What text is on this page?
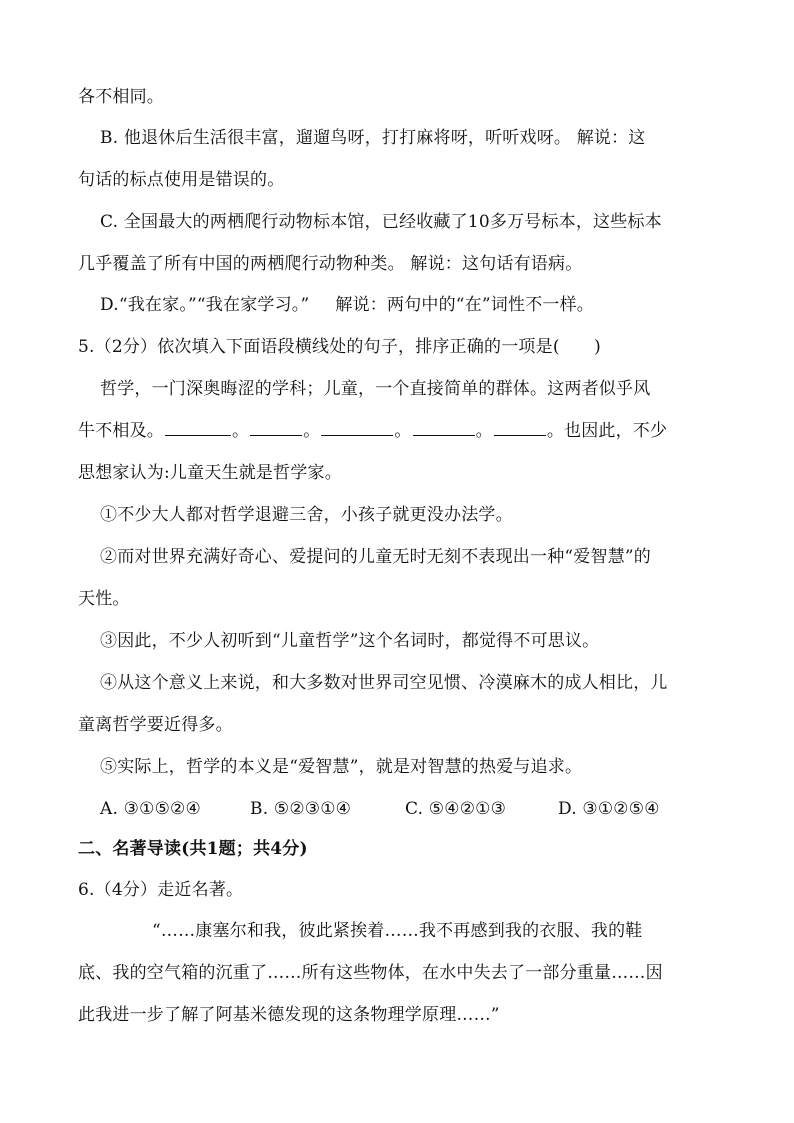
各不相同。
B. 他退休后生活很丰富，遛遛鸟呀，打打麻将呀，听听戏呀。 解说：这
句话的标点使用是错误的。
C. 全国最大的两栖爬行动物标本馆，已经收藏了10多万号标本，这些标本
几乎覆盖了所有中国的两栖爬行动物种类。 解说：这句话有语病。
D.“我在家。”“我在家学习。” 解说：两句中的“在”词性不一样。
5.（2分）依次填入下面语段横线处的句子，排序正确的一项是(　　)
哲学，一门深奥晦涩的学科；儿童，一个直接简单的群体。这两者似乎风
牛不相及。	。	。	。	。	。也因此，不少
思想家认为:儿童天生就是哲学家。
①不少大人都对哲学退避三舍，小孩子就更没办法学。
②而对世界充满好奇心、爱提问的儿童无时无刻不表现出一种“爱智慧”的
天性。
③因此，不少人初听到“儿童哲学”这个名词时，都觉得不可思议。
④从这个意义上来说，和大多数对世界司空见惯、冷漠麻木的成人相比，儿
童离哲学要近得多。
⑤实际上，哲学的本义是“爱智慧”，就是对智慧的热爱与追求。
A. ③①⑤②④	B. ⑤②③①④	C. ⑤④②①③	D. ③①②⑤④
二、名著导读(共1题；共4分)
6.（4分）走近名著。
“……康塞尔和我，彼此紧挨着……我不再感到我的衣服、我的鞋
底、我的空气箱的沉重了……所有这些物体，在水中失去了一部分重量……因
此我进一步了解了阿基米德发现的这条物理学原理……”
